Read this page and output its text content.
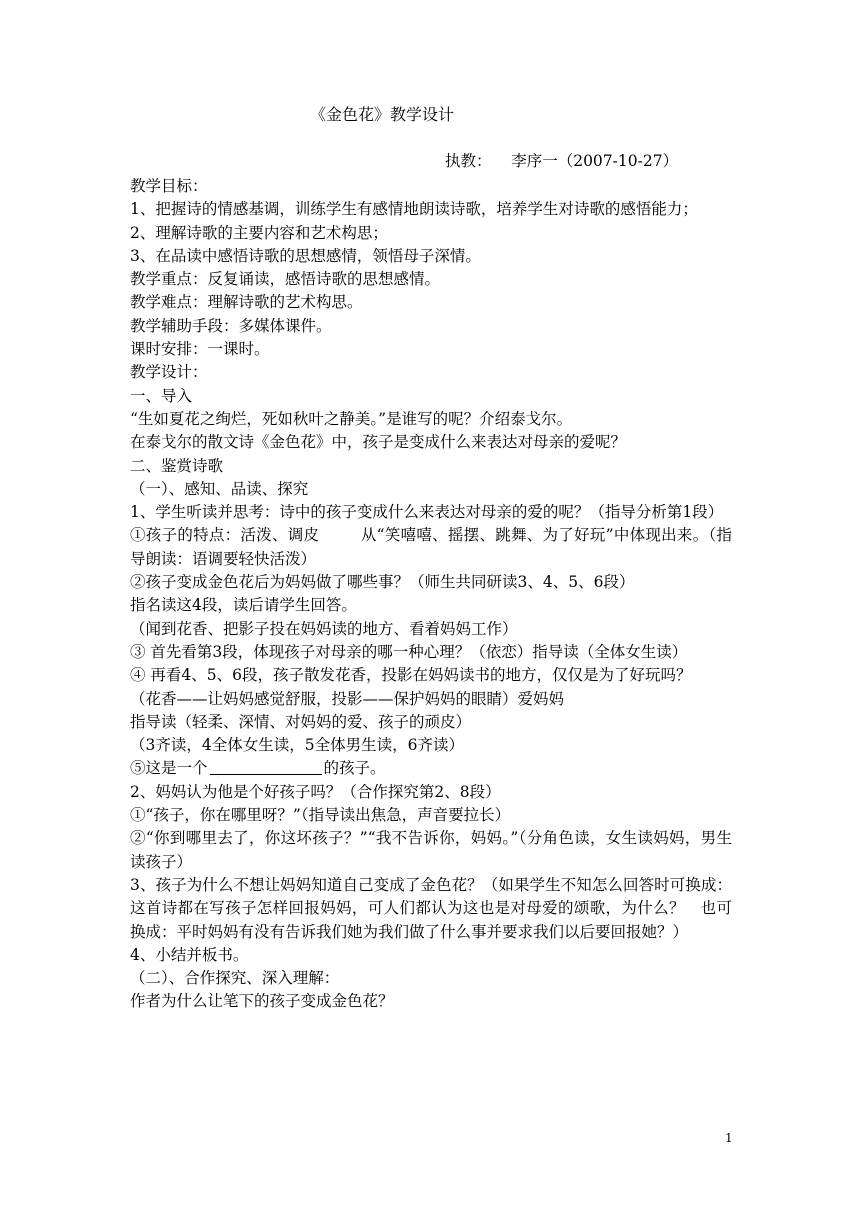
《金色花》教学设计
执教：    李序一（2007-10-27）

教学目标：

1、把握诗的情感基调，训练学生有感情地朗读诗歌，培养学生对诗歌的感悟能力；

2、理解诗歌的主要内容和艺术构思；

3、在品读中感悟诗歌的思想感情，领悟母子深情。

教学重点：反复诵读，感悟诗歌的思想感情。

教学难点：理解诗歌的艺术构思。

教学辅助手段：多媒体课件。

课时安排：一课时。

教学设计：

一、导入

“生如夏花之绚烂，死如秋叶之静美。”是谁写的呢？介绍泰戈尔。

在泰戈尔的散文诗《金色花》中，孩子是变成什么来表达对母亲的爱呢？

二、鉴赏诗歌

（一）、感知、品读、探究

1、学生听读并思考：诗中的孩子变成什么来表达对母亲的爱的呢？（指导分析第1段）

①孩子的特点：活泼、调皮        从“笑嘻嘻、摇摆、跳舞、为了好玩”中体现出来。（指导朗读：语调要轻快活泼）

②孩子变成金色花后为妈妈做了哪些事？（师生共同研读3、4、5、6段）

指名读这4段，读后请学生回答。

（闻到花香、把影子投在妈妈读的地方、看着妈妈工作）

③ 首先看第3段，体现孩子对母亲的哪一种心理？（依恋）指导读（全体女生读）

④ 再看4、5、6段，孩子散发花香，投影在妈妈读书的地方，仅仅是为了好玩吗？

（花香——让妈妈感觉舒服，投影——保护妈妈的眼睛）爱妈妈

指导读（轻柔、深情、对妈妈的爱、孩子的顽皮）

（3齐读，4全体女生读，5全体男生读，6齐读）

⑤这是一个	的孩子。

2、妈妈认为他是个好孩子吗？（合作探究第2、8段）

①“孩子，你在哪里呀？”（指导读出焦急，声音要拉长）

②“你到哪里去了，你这坏孩子？”“我不告诉你，妈妈。”（分角色读，女生读妈妈，男生读孩子）

3、孩子为什么不想让妈妈知道自己变成了金色花？（如果学生不知怎么回答时可换成：这首诗都在写孩子怎样回报妈妈，可人们都认为这也是对母爱的颂歌，为什么？   也可换成：平时妈妈有没有告诉我们她为我们做了什么事并要求我们以后要回报她？）

4、小结并板书。

（二）、合作探究、深入理解：

作者为什么让笔下的孩子变成金色花？

1
